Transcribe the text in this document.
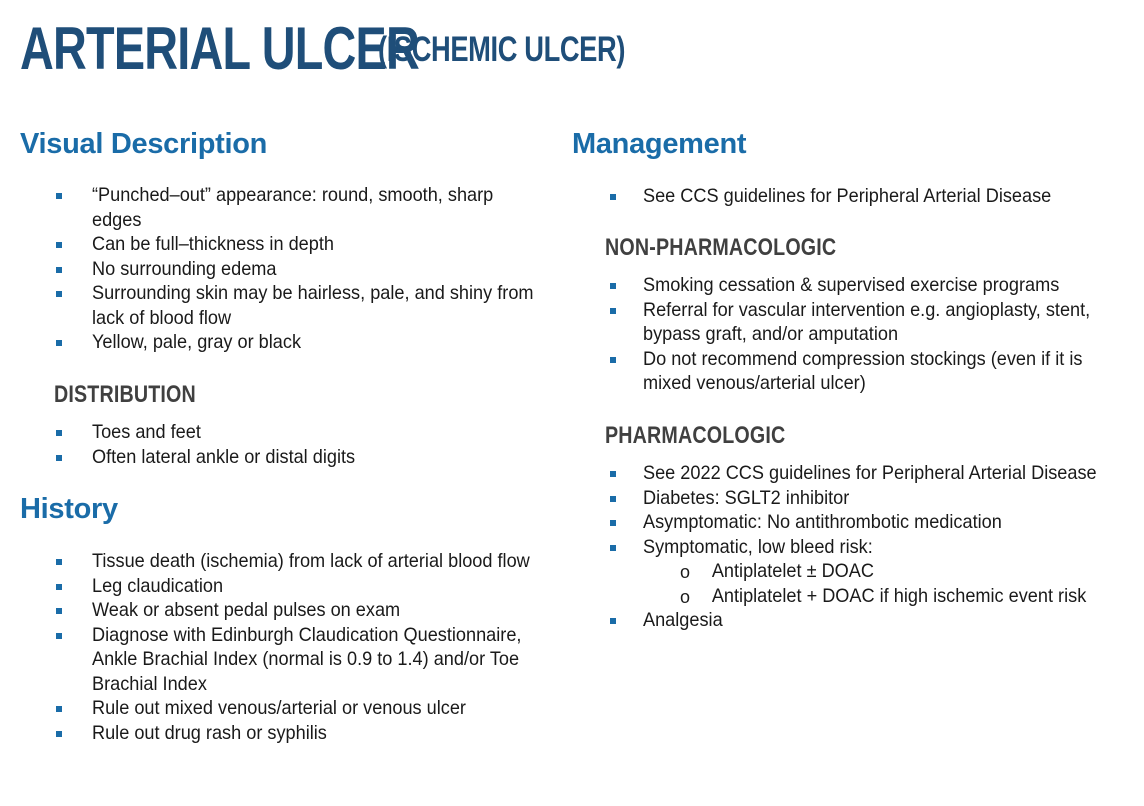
ARTERIAL ULCER
(ISCHEMIC ULCER)
Visual Description
“Punched–out” appearance: round, smooth, sharp edges
Can be full–thickness in depth
No surrounding edema
Surrounding skin may be hairless, pale, and shiny from lack of blood flow
Yellow, pale, gray or black
DISTRIBUTION
Toes and feet
Often lateral ankle or distal digits
History
Tissue death (ischemia) from lack of arterial blood flow
Leg claudication
Weak or absent pedal pulses on exam
Diagnose with Edinburgh Claudication Questionnaire, Ankle Brachial Index (normal is 0.9 to 1.4) and/or Toe Brachial Index
Rule out mixed venous/arterial or venous ulcer
Rule out drug rash or syphilis
Management
See CCS guidelines for Peripheral Arterial Disease
NON-PHARMACOLOGIC
Smoking cessation & supervised exercise programs
Referral for vascular intervention e.g. angioplasty, stent, bypass graft, and/or amputation
Do not recommend compression stockings (even if it is mixed venous/arterial ulcer)
PHARMACOLOGIC
See 2022 CCS guidelines for Peripheral Arterial Disease
Diabetes: SGLT2 inhibitor
Asymptomatic: No antithrombotic medication
Symptomatic, low bleed risk:
o	Antiplatelet ± DOAC
o	Antiplatelet + DOAC if high ischemic event risk
Analgesia
